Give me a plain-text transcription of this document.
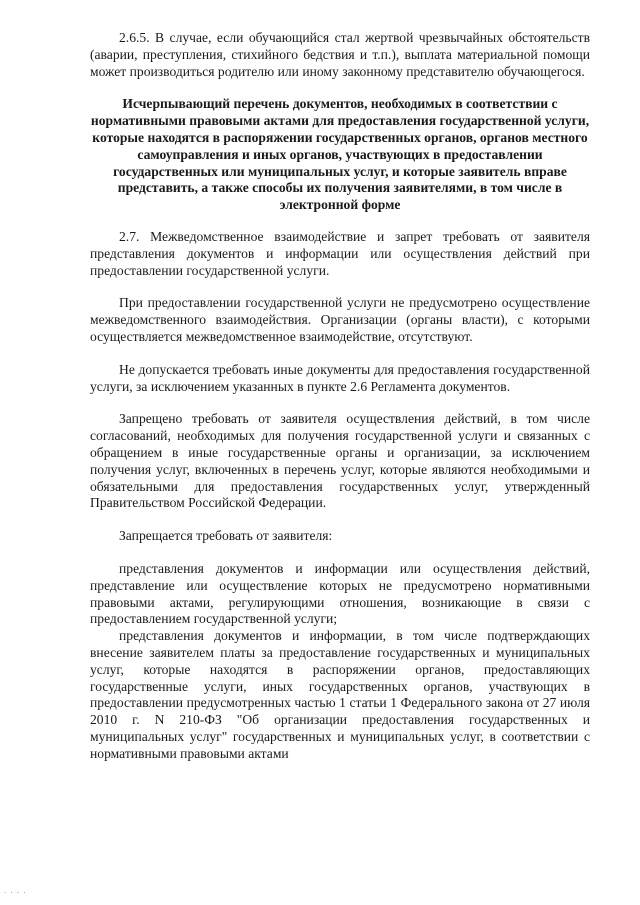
2.6.5. В случае, если обучающийся стал жертвой чрезвычайных обстоятельств (аварии, преступления, стихийного бедствия и т.п.), выплата материальной помощи может производиться родителю или иному законному представителю обучающегося.

Исчерпывающий перечень документов, необходимых в соответствии с нормативными правовыми актами для предоставления государственной услуги, которые находятся в распоряжении государственных органов, органов местного самоуправления и иных органов, участвующих в предоставлении государственных или муниципальных услуг, и которые заявитель вправе представить, а также способы их получения заявителями, в том числе в электронной форме

2.7. Межведомственное взаимодействие и запрет требовать от заявителя представления документов и информации или осуществления действий при предоставлении государственной услуги.

При предоставлении государственной услуги не предусмотрено осуществление межведомственного взаимодействия. Организации (органы власти), с которыми осуществляется межведомственное взаимодействие, отсутствуют.

Не допускается требовать иные документы для предоставления государственной услуги, за исключением указанных в пункте 2.6 Регламента документов.

Запрещено требовать от заявителя осуществления действий, в том числе согласований, необходимых для получения государственной услуги и связанных с обращением в иные государственные органы и организации, за исключением получения услуг, включенных в перечень услуг, которые являются необходимыми и обязательными для предоставления государственных услуг, утвержденный Правительством Российской Федерации.

Запрещается требовать от заявителя:

представления документов и информации или осуществления действий, представление или осуществление которых не предусмотрено нормативными правовыми актами, регулирующими отношения, возникающие в связи с предоставлением государственной услуги;

представления документов и информации, в том числе подтверждающих внесение заявителем платы за предоставление государственных и муниципальных услуг, которые находятся в распоряжении органов, предоставляющих государственные услуги, иных государственных органов, участвующих в предоставлении предусмотренных частью 1 статьи 1 Федерального закона от 27 июля 2010 г. N 210-ФЗ "Об организации предоставления государственных и муниципальных услуг" государственных и муниципальных услуг, в соответствии с нормативными правовыми актами

· · · ·
